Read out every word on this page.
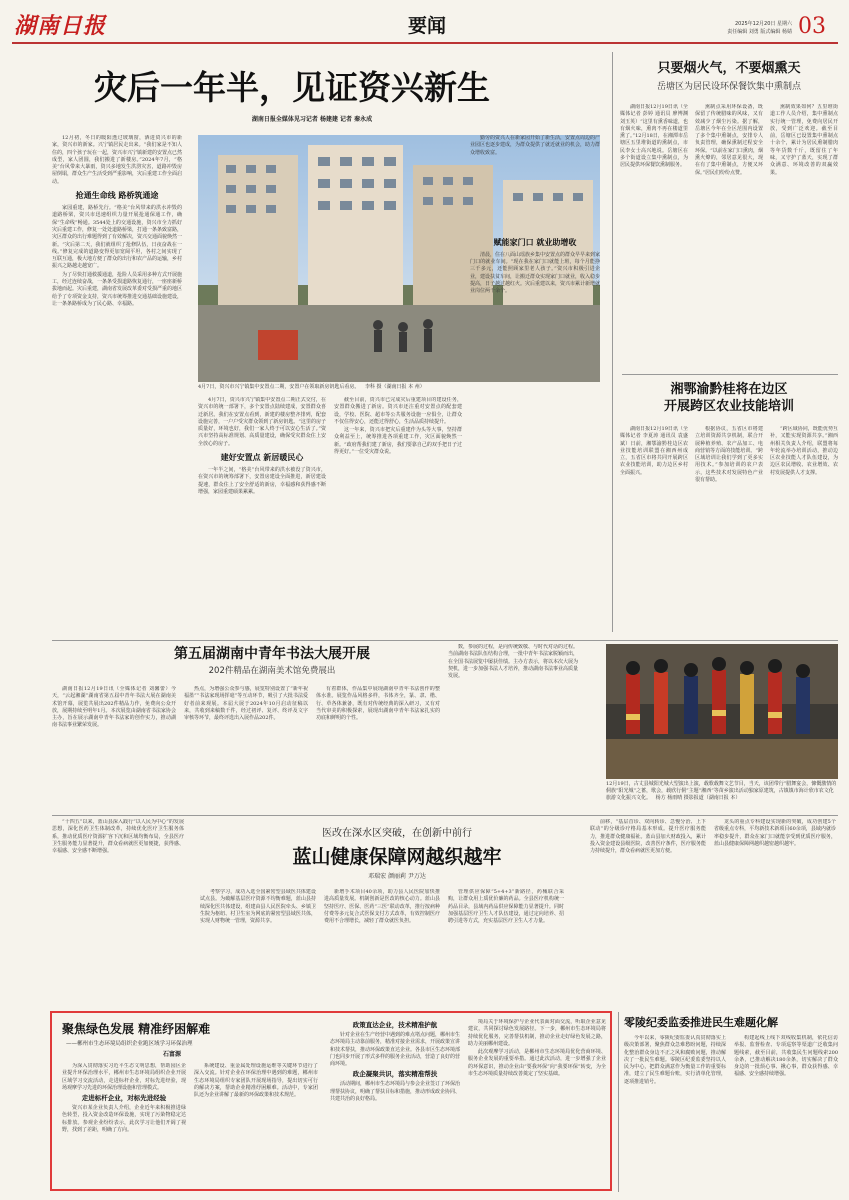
湖南日报	要闻	2025年12月20日 星期六
责任编辑 刘勇 版式编辑 杨婧 03
灾后一年半，见证资兴新生
湖南日报全媒体见习记者 杨建建 记者 秦永成

12月初，冬日的暖阳透过玻璃窗，洒进资兴市的新家，资兴市的新家。兴宁镇居民走出来。“我们家是不知人住的，四个孩子玩在一起，资兴市兴宁镇新建的安置点已然成型，家人团圆，我们搬进了新楼房。”2024年7月，“格美”台风带来大暴雨，资兴多地发生洪涝灾害，道路冲毁房屋倒塌，群众生产生活受到严重影响，灾后重建工作全面启动。

抢通生命线 路桥筑通途

家园重建，路桥先行。“格美”台风带来的洪水冲毁的道路桥梁，资兴市迅速组织力量开展抢通保通工作，确保“生命线”畅通。3544处上的交通设施，资兴市全力抓好灾后重建工作，修复一处处道路桥梁，打通一条条致富路，灾区群众的出行难题得到了有效解决，资兴交通面貌焕然一新。“灾后第二天，我们就组织了抢修队伍，日夜奋战在一线。”修复完成的道路变得更加宽阔平坦，各村之间实现了互联互通，极大地方便了群众的出行和农产品的运输，乡村振兴之路越走越宽广。

为了尽快打通救援通道，抢险人员采用多种方式开展施工，经过连续奋战，一条条受损道路恢复通行，一座座新桥拔地而起。灾后重建，湖南省发展改革委对受损严重的地区给予了专项资金支持，资兴市统筹推进交通基础设施建设，让一条条路桥成为了民心路、幸福路。

4月7日，资兴市兴宁镇集中安置点二期，安置户在领取新房钥匙后看房。 李科 摄（湖南日报 本 州）

4月7日，资兴市兴宁镇集中安置点二期正式交付，在资兴市的统一部署下，多个安置点陆续建成，安置群众喜迁新居。我们在安置点看到，新建的楼房整齐排列，配套设施完善，一户户受灾群众领到了新房钥匙。“这里的房子质量好，环境也好，我们一家人终于可以安心生活了。”资兴市坚持高标准规划、高质量建设，确保受灾群众住上安全放心的房子。

建好安置点 新居暖民心

一年半之间，“格美”台风带来的洪水被没了资兴市，在资兴市的统筹部署下，安置房建设全面推进，新居建设提速，群众住上了安全舒适的新房，幸福感和获得感不断增强，家园重建硕果累累。

截至目前，资兴市已完成灾后重建项目的建设任务，安置群众搬进了新房。资兴市还注重对安置点的配套建设，学校、医院、超市等公共服务设施一应俱全，让群众不仅住得安心，还能过得舒心，生活品质持续提升。

这一年来，资兴市把灾后重建作为头等大事，坚持群众利益至上，统筹推进各项重建工作，灾区面貌焕然一新。“政府帮我们建了新房，我们要靠自己的双手把日子过得更好。”一位受灾群众说。

勤劳的资兴人在新家园开始了新生活，安置点周边的产业园区也逐步建成，为群众提供了就近就业的机会，助力群众增收致富。

赋能家门口 就业助增收

清晨，住在八面山瑶族乡集中安置点的群众早早来到家门口的就业车间。“现在我在家门口就能上班，每个月能挣三千多元，还能照顾家里老人孩子。”资兴市积极引进企业，建设扶贫车间，让搬迁群众实现家门口就业，收入稳步提高，日子越过越红火。灾后重建以来，资兴市累计新增就业岗位两千余个。

只要烟火气，不要烟熏天
岳塘区为居民设环保餐饮集中熏制点

湖南日报12月19日讯（全媒体记者 彭婷 通讯员 廖博渊 刘玉英）“这里有熏香味道，也有烟火味，熏肉不再在楼道里熏了。”12月18日，在湘潭市岳塘区五里堆街道的熏制点，市民李女士高兴地说。岳塘区在多个街道设立集中熏制点，为居民提供环保餐饮熏制服务。

熏制点采用环保设备，既保留了传统腊味的风味，又有效减少了烟尘污染。据了解，岳塘区今年在全区范围内设置了多个集中熏制点，安排专人负责管理，确保熏制过程安全环保。“以前在家门口熏肉，烟熏火燎的，邻居意见很大，现在有了集中熏制点，方便又环保。”居民们纷纷点赞。

熏制效果如何？五里堆街道工作人员介绍，集中熏制点实行统一管理，免费向居民开放，受到广泛欢迎。截至目前，岳塘区已设置集中熏制点十余个，累计为居民熏制腊肉等年货数千斤，既留住了年味，又守护了蓝天，实现了群众满意、环境改善的双赢效果。

湘鄂渝黔桂将在边区
开展跨区农业技能培训

湖南日报12月19日讯（全媒体记者 李夏涛 通讯员 袁盛斌）日前，湘鄂渝黔桂边区农业技能培训联盟在湘西州成立，五省区市将共同开展跨区农业技能培训，助力边区乡村全面振兴。

根据协议，五省区市将建立培训资源共享机制，联合开展种植养殖、农产品加工、电商营销等方面的技能培训。“跨区域培训让我们学到了更多实用技术。”参加培训的农户表示，这些技术对发展特色产业很有帮助。

“跨区域协同，既能优势互补，又能实现资源共享。”湘西州相关负责人介绍，联盟将每年轮流举办培训活动，推动边区农业技能人才队伍建设，为边区农民增收、农业增效、农村发展提供人才支撑。

第五届湖南中青年书法大展开展
202件精品在湖南美术馆免费展出

湖南日报12月19日讯（全媒体记者 刘馨蕾）今天，“云起湘湖”湖南省第五届中青年书法大展在湖南美术馆开幕，展览共展出202件精品力作，免费向公众开放，展期持续至明年1月。本次展览由湖南省书法家协会主办，旨在展示湖南中青年书法家的创作实力，推动湖南书法事业繁荣发展。

热点，为增强公众参与感，展览特别设置了“新年祝福墨”“书法家现场挥毫”等互动环节，吸引了大批书法爱好者前来观展。本届大展于2024年10月启动征稿以来，共收到来稿数千件，经过初评、复评、终评及文字审核等环节，最终评选出入展作品202件。

有着群体，作品集中展现湖南中青年书法创作的整体水准。展览作品风格多样，书体齐全，篆、隶、楷、行、草各体兼备，既有对传统经典的深入研习，又有对当代审美的积极探索，展现出湖南中青年书法家扎实的功底和鲜明的个性。

数，参展的过程，是向传统致敬、与时代对话的过程。当前湖南书法队伍结构合理，一批中青年书法家脱颖而出，在全国书法展览中屡获佳绩。主办方表示，将以本次大展为契机，进一步加强书法人才培养，推动湖南书法事业高质量发展。

12月19日，古丈县城阳光城大型演出上演，载歌载舞文艺节目，当天，该团带行“腊舞宴会，慷慨激情的侗族”阳光城“之蓄，歌会，载欣行侗”主题“湘西”等苗乡演出活动独家原建筑，古镇镇市海计欣市农文化旅游文化振兴文化。 杨方 杨雨晴 摄影报道（湖南日报 本）
医改在深水区突破，在创新中前行
蓝山健康保障网越织越牢
邓瑞宏 颜丽莉 尹万达

“十四五”以来，蓝山县深入践行“以人民为中心”的发展思想，深化医药卫生体制改革，持续优化医疗卫生服务体系，推动优质医疗资源扩容下沉和区域均衡布局，全县医疗卫生服务能力显著提升，群众看病就医更加便捷，获得感、幸福感、安全感不断增强。

考察学习，成功入选全国紧密型县域医共体建设试点县。为破解基层医疗资源不均衡难题，蓝山县持续深化医共体建设，组建由县人民医院牵头、乡镇卫生院为枢纽、村卫生室为网底的紧密型县域医共体，实现人财物统一管理，资源共享。

新增手术项目40余项，助力县人民医院加快推进高质量发展。机制创新是医改的核心动力。蓝山县坚持医疗、医保、医药“三医”联动改革，推行按病种付费等多元复合式医保支付方式改革，有效控制医疗费用不合理增长，减轻了群众就医负担。

管理供应保障“5+4+3”新路径，药械联合采购，让群众用上质优价廉的药品。全县医疗机构统一药品目录，县域内药品供应保障能力显著提升。同时加强基层医疗卫生人才队伍建设，通过定向培养、招聘引进等方式，充实基层医疗卫生人才力量。

前移，“基层首诊、双向转诊、急慢分治、上下联动”的分级诊疗格局基本形成。提升医疗服务能力，推进群众健康福祉。蓝山县加大财政投入，累计投入资金建设县级医院，改善医疗条件，医疗服务能力持续提升，群众看病就医更加方便。

龙头的重点专科建设实现新的突破，成功创建5个省级重点专科，平均新技术新项目60余项，县域内就诊率稳步提升，群众在家门口就能享受到优质医疗服务，蓝山县健康保障网越织越密越织越牢。

聚焦绿色发展 精准纾困解难
——郴州市生态环境局组织企业跑区域学习环保治理
石富源

为深入贯彻落实习近平生态文明思想，帮助园区企业提升环保治理水平，郴州市生态环境局组织企业开展区域学习交流活动，走进标杆企业，对标先进经验，现场观摩学习先进的环保治理设施和管理模式。

走进标杆企业，对标先进经验

资兴市某企业负责人介绍，企业近年来积极推进绿色转型，投入资金改造环保设施，实现了污染物稳定达标排放。参观企业纷纷表示，此次学习让他们开阔了视野，找到了差距，明确了方向。

系统建设、重金属处理设施运维等关键环节进行了深入交流。针对企业在环保治理中遇到的难题，郴州市生态环境局组织专家团队开展现场指导，提出切实可行的解决方案，帮助企业精准纾困解难。活动中，专家团队还为企业讲解了最新的环保政策和技术规范。

政策直达企业，技术精准护航

针对企业在生产经营中遇到的难点堵点问题，郴州市生态环境局主动靠前服务，精准对接企业需求，开展政策宣讲和技术帮扶，推动环保政策直达企业。各县市区生态环境部门也同步开展了形式多样的服务企业活动，营造了良好的营商环境。

政企凝聚共识，落实精准帮扶

活动期间，郴州市生态环境局与参会企业签订了环保治理帮扶协议，明确了帮扶目标和措施，推动形成政企协同、共建共治的良好格局。

境局关于环境保护与企业代表面对面交流，听取企业意见建议，共同探讨绿色发展路径。下一步，郴州市生态环境局将持续优化服务，完善帮扶机制，推动企业走好绿色发展之路，助力美丽郴州建设。

此次观摩学习活动，是郴州市生态环境局优化营商环境、服务企业发展的重要举措。通过此次活动，进一步增强了企业的环保意识，推动企业由“要我环保”向“我要环保”转变，为全市生态环境质量持续改善奠定了坚实基础。

零陵纪委监委推进民生难题化解

今年以来，零陵纪委监委认真贯彻落实上级决策部署，聚焦群众急难愁盼问题，持续深化整治群众身边不正之风和腐败问题，推动解决了一批民生难题。零陵区纪委监委坚持以人民为中心，把群众满意作为衡量工作的重要标准，建立了民生难题台账，实行清单化管理，逐项推进销号。

构建起线上线下双线收集机制，依托信访举报、监督检查、专项巡察等渠道广泛收集问题线索，截至目前，共收集民生问题线索200余条，已推动解决180余条，切实解决了群众身边的一批烦心事、揪心事，群众获得感、幸福感、安全感持续增强。
